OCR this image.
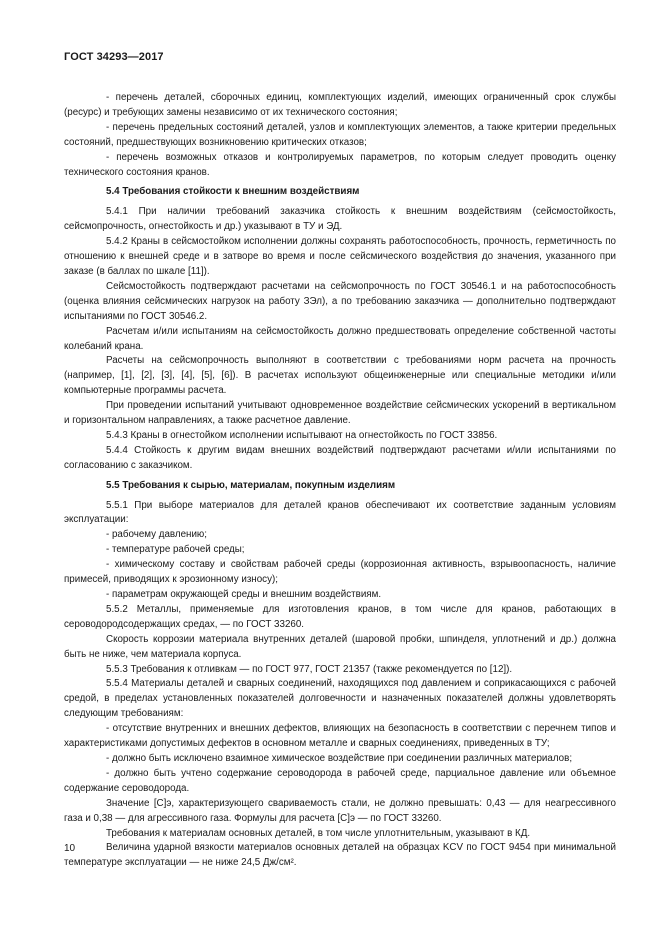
ГОСТ 34293—2017

- перечень деталей, сборочных единиц, комплектующих изделий, имеющих ограниченный срок службы (ресурс) и требующих замены независимо от их технического состояния;

- перечень предельных состояний деталей, узлов и комплектующих элементов, а также критерии предельных состояний, предшествующих возникновению критических отказов;

- перечень возможных отказов и контролируемых параметров, по которым следует проводить оценку технического состояния кранов.

5.4 Требования стойкости к внешним воздействиям

5.4.1 При наличии требований заказчика стойкость к внешним воздействиям (сейсмостойкость, сейсмопрочность, огнестойкость и др.) указывают в ТУ и ЭД.

5.4.2 Краны в сейсмостойком исполнении должны сохранять работоспособность, прочность, герметичность по отношению к внешней среде и в затворе во время и после сейсмического воздействия до значения, указанного при заказе (в баллах по шкале [11]).

Сейсмостойкость подтверждают расчетами на сейсмопрочность по ГОСТ 30546.1 и на работоспособность (оценка влияния сейсмических нагрузок на работу ЗЭл), а по требованию заказчика — дополнительно подтверждают испытаниями по ГОСТ 30546.2.

Расчетам и/или испытаниям на сейсмостойкость должно предшествовать определение собственной частоты колебаний крана.

Расчеты на сейсмопрочность выполняют в соответствии с требованиями норм расчета на прочность (например, [1], [2], [3], [4], [5], [6]). В расчетах используют общеинженерные или специальные методики и/или компьютерные программы расчета.

При проведении испытаний учитывают одновременное воздействие сейсмических ускорений в вертикальном и горизонтальном направлениях, а также расчетное давление.

5.4.3 Краны в огнестойком исполнении испытывают на огнестойкость по ГОСТ 33856.

5.4.4 Стойкость к другим видам внешних воздействий подтверждают расчетами и/или испытаниями по согласованию с заказчиком.

5.5 Требования к сырью, материалам, покупным изделиям

5.5.1 При выборе материалов для деталей кранов обеспечивают их соответствие заданным условиям эксплуатации:

- рабочему давлению;

- температуре рабочей среды;

- химическому составу и свойствам рабочей среды (коррозионная активность, взрывоопасность, наличие примесей, приводящих к эрозионному износу);

- параметрам окружающей среды и внешним воздействиям.

5.5.2 Металлы, применяемые для изготовления кранов, в том числе для кранов, работающих в сероводородсодержащих средах, — по ГОСТ 33260.

Скорость коррозии материала внутренних деталей (шаровой пробки, шпинделя, уплотнений и др.) должна быть не ниже, чем материала корпуса.

5.5.3 Требования к отливкам — по ГОСТ 977, ГОСТ 21357 (также рекомендуется по [12]).

5.5.4 Материалы деталей и сварных соединений, находящихся под давлением и соприкасающихся с рабочей средой, в пределах установленных показателей долговечности и назначенных показателей должны удовлетворять следующим требованиям:

- отсутствие внутренних и внешних дефектов, влияющих на безопасность в соответствии с перечнем типов и характеристиками допустимых дефектов в основном металле и сварных соединениях, приведенных в ТУ;

- должно быть исключено взаимное химическое воздействие при соединении различных материалов;

- должно быть учтено содержание сероводорода в рабочей среде, парциальное давление или объемное содержание сероводорода.

Значение [C]э, характеризующего свариваемость стали, не должно превышать: 0,43 — для неагрессивного газа и 0,38 — для агрессивного газа. Формулы для расчета [C]э — по ГОСТ 33260.

Требования к материалам основных деталей, в том числе уплотнительным, указывают в КД.

Величина ударной вязкости материалов основных деталей на образцах KCV по ГОСТ 9454 при минимальной температуре эксплуатации — не ниже 24,5 Дж/см².

10
